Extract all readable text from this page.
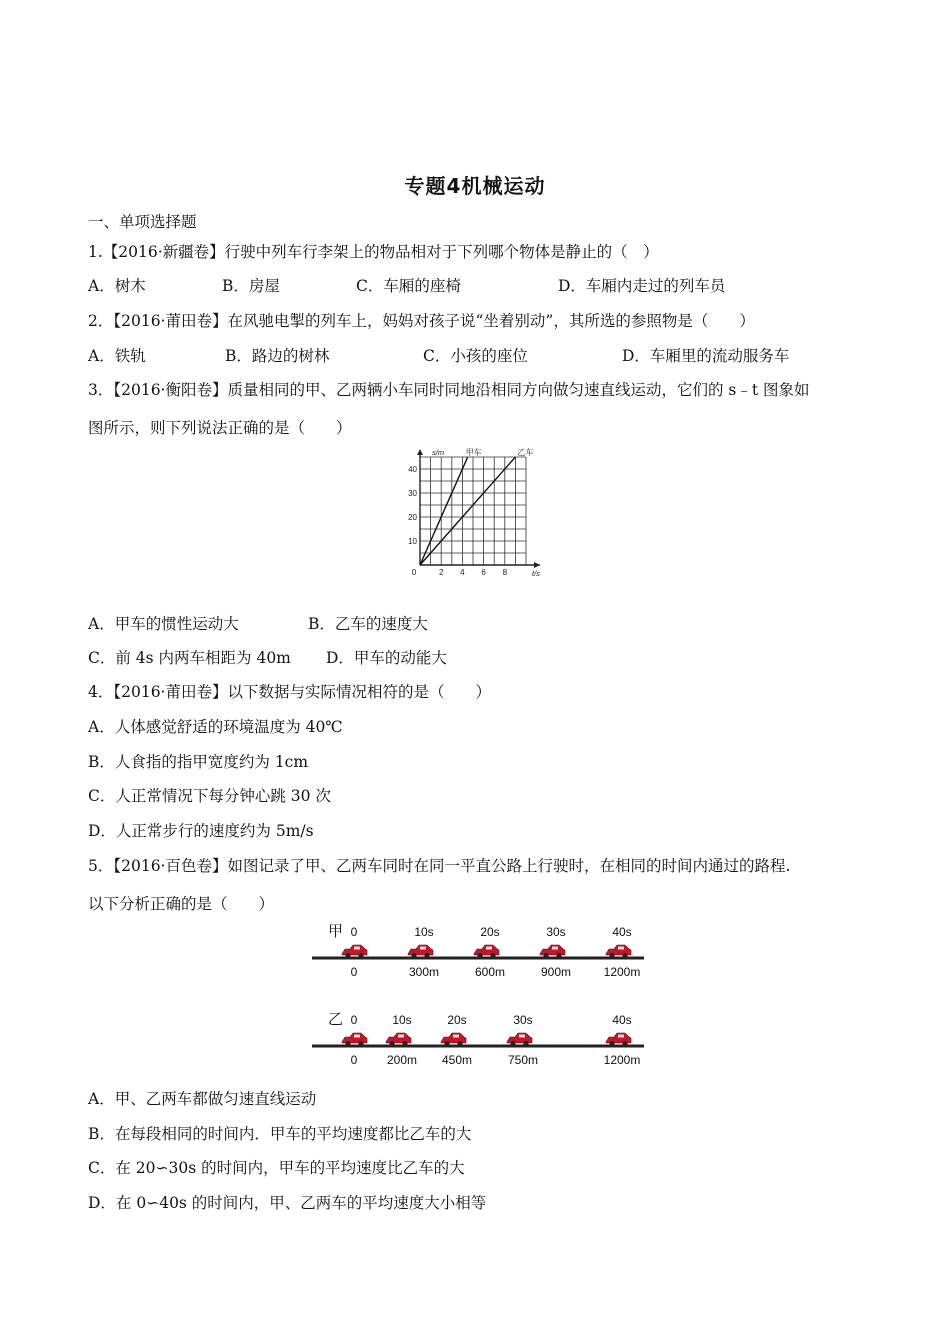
专题4机械运动
一、单项选择题
1.【2016·新疆卷】行驶中列车行李架上的物品相对于下列哪个物体是静止的（　）
A．树木	B．房屋	C．车厢的座椅	D．车厢内走过的列车员
2．【2016·莆田卷】在风驰电掣的列车上，妈妈对孩子说“坐着别动”，其所选的参照物是（　　）
A．铁轨	B．路边的树林	C．小孩的座位	D．车厢里的流动服务车
3．【2016·衡阳卷】质量相同的甲、乙两辆小车同时同地沿相同方向做匀速直线运动，它们的 s﹣t 图象如
图所示，则下列说法正确的是（　　）
0	2 4 6 8
10
20
30
40
t/s
s/m	甲车	乙车
A．甲车的惯性运动大	B．乙车的速度大
C．前 4s 内两车相距为 40m D．甲车的动能大
4．【2016·莆田卷】以下数据与实际情况相符的是（　　）
A．人体感觉舒适的环境温度为 40℃
B．人食指的指甲宽度约为 1cm
C．人正常情况下每分钟心跳 30 次
D．人正常步行的速度约为 5m/s
5．【2016·百色卷】如图记录了甲、乙两车同时在同一平直公路上行驶时，在相同的时间内通过的路程.
以下分析正确的是（　　）
甲 0
0
10s
300m
20s
600m
30s
900m
40s
1200m
乙 0
0
10s
200m
20s
450m
30s
750m
40s
1200m
A．甲、乙两车都做匀速直线运动
B．在每段相同的时间内．甲车的平均速度都比乙车的大
C．在 20∽30s 的时间内，甲车的平均速度比乙车的大
D．在 0∽40s 的时间内，甲、乙两车的平均速度大小相等
